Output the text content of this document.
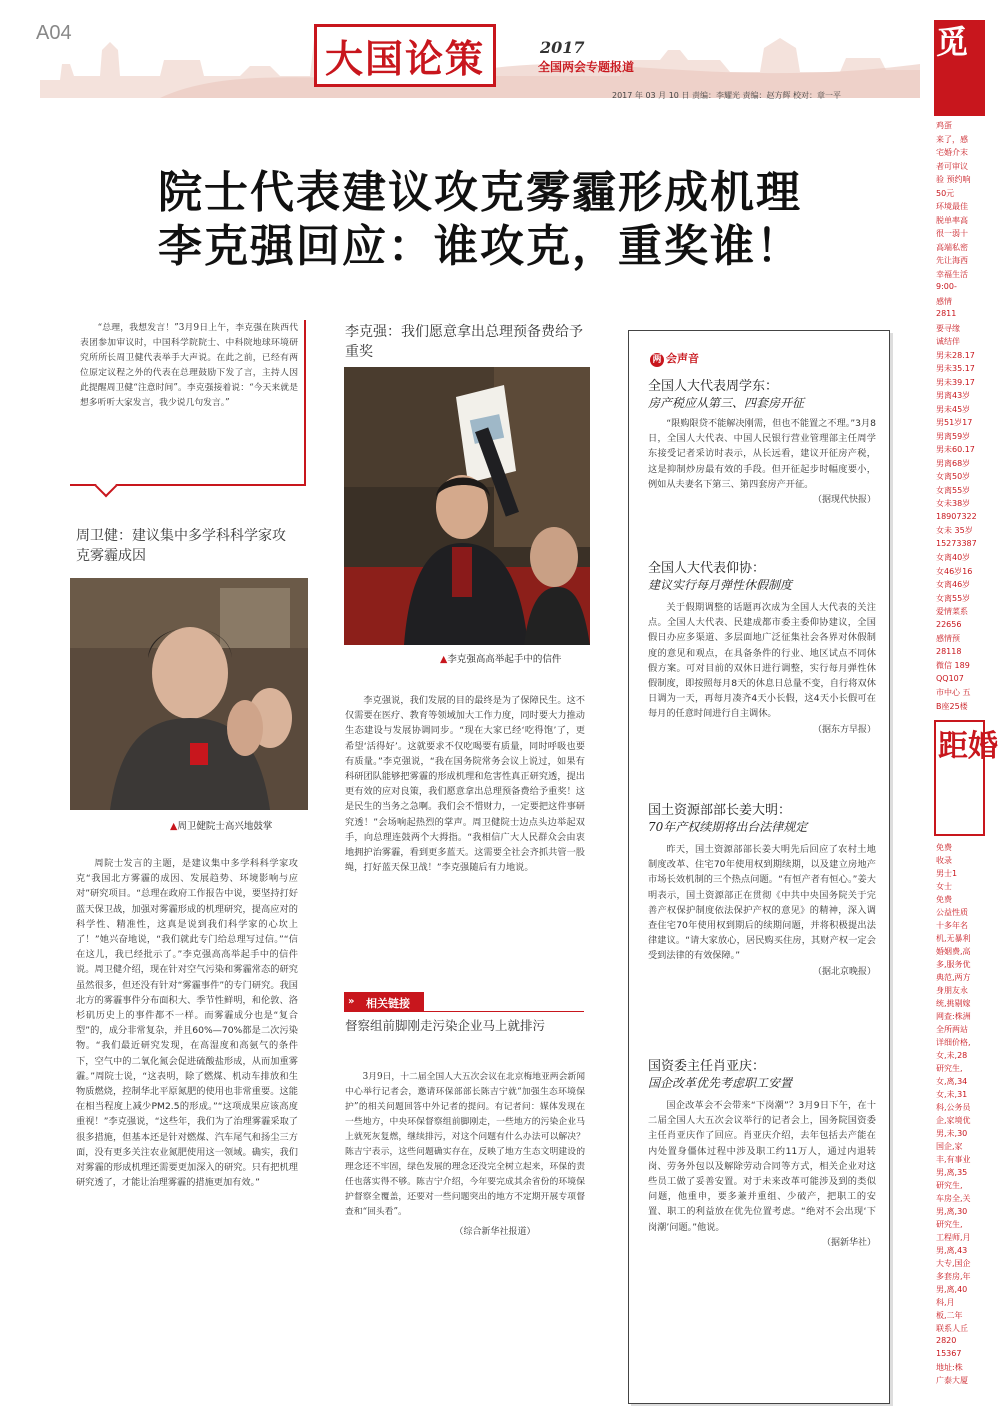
A04
大国论策	2017
全国两会专题报道
2017 年 03 月 10 日 责编：李耀光 责编：赵方辉 校对：章一平
院士代表建议攻克雾霾形成机理
李克强回应：谁攻克，重奖谁！
“总理，我想发言！”3月9日上午，李克强在陕西代表团参加审议时，中国科学院院士、中科院地球环境研究所所长周卫健代表举手大声说。在此之前，已经有两位原定议程之外的代表在总理鼓励下发了言，主持人因此提醒周卫健“注意时间”。李克强接着说：“今天来就是想多听听大家发言，我少说几句发言。”
周卫健：建议集中多学科科学家攻克雾霾成因
▲周卫健院士高兴地鼓掌
周院士发言的主题，是建议集中多学科科学家攻克“我国北方雾霾的成因、发展趋势、环境影响与应对”研究项目。“总理在政府工作报告中说，要坚持打好蓝天保卫战，加强对雾霾形成的机理研究，提高应对的科学性、精准性，这真是说到我们科学家的心坎上了！”她兴奋地说，“我们就此专门给总理写过信。”“信在这儿，我已经批示了。”李克强高高举起手中的信件说。周卫健介绍，现在针对空气污染和雾霾常态的研究虽然很多，但还没有针对“雾霾事件”的专门研究。我国北方的雾霾事件分布面积大、季节性鲜明，和伦敦、洛杉矶历史上的事件都不一样。而雾霾成分也是“复合型”的，成分非常复杂，并且60%—70%都是二次污染物。“我们最近研究发现，在高湿度和高氨气的条件下，空气中的二氧化氮会促进硫酸盐形成，从而加重雾霾。”周院士说，“这表明，除了燃煤、机动车排放和生物质燃烧，控制华北平原氮肥的使用也非常重要。这能在相当程度上减少PM2.5的形成。”“这项成果应该高度重视！”李克强说，“这些年，我们为了治理雾霾采取了很多措施，但基本还是针对燃煤、汽车尾气和扬尘三方面，没有更多关注农业氮肥使用这一领域。确实，我们对雾霾的形成机理还需要更加深入的研究。只有把机理研究透了，才能让治理雾霾的措施更加有效。”
李克强：我们愿意拿出总理预备费给予重奖
▲李克强高高举起手中的信件
李克强说，我们发展的目的最终是为了保障民生。这不仅需要在医疗、教育等领域加大工作力度，同时要大力推动生态建设与发展协调同步。“现在大家已经‘吃得饱’了，更希望‘活得好’。这就要求不仅吃喝要有质量，同时呼吸也要有质量。”李克强说，“我在国务院常务会议上说过，如果有科研团队能够把雾霾的形成机理和危害性真正研究透，提出更有效的应对良策，我们愿意拿出总理预备费给予重奖！这是民生的当务之急啊。我们会不惜财力，一定要把这件事研究透！”会场响起热烈的掌声。周卫健院士边点头边举起双手，向总理连鼓两个大拇指。“我相信广大人民群众会由衷地拥护治雾霾，看到更多蓝天。这需要全社会齐抓共管一股绳，打好蓝天保卫战！”李克强随后有力地说。
相关链接
»
督察组前脚刚走污染企业马上就排污
3月9日，十二届全国人大五次会议在北京梅地亚两会新闻中心举行记者会，邀请环保部部长陈吉宁就“加强生态环境保护”的相关问题回答中外记者的提问。有记者问：媒体发现在一些地方，中央环保督察组前脚刚走，一些地方的污染企业马上就死灰复燃，继续排污，对这个问题有什么办法可以解决？陈吉宁表示，这些问题确实存在，反映了地方生态文明建设的理念还不牢固，绿色发展的理念还没完全树立起来，环保的责任也落实得不够。陈吉宁介绍，今年要完成其余省份的环境保护督察全覆盖，还要对一些问题突出的地方不定期开展专项督查和“回头看”。
（综合新华社报道）
两 会声音
全国人大代表周学东：
房产税应从第三、四套房开征
“限购限贷不能解决刚需，但也不能置之不理。”3月8日，全国人大代表、中国人民银行营业管理部主任周学东接受记者采访时表示，从长远看，建议开征房产税，这是抑制炒房最有效的手段。但开征起步时幅度要小，例如从夫妻名下第三、第四套房产开征。
（据现代快报）
全国人大代表仰协：
建议实行每月弹性休假制度
关于假期调整的话题再次成为全国人大代表的关注点。全国人大代表、民建成都市委主委仰协建议，全国假日办应多渠道、多层面地广泛征集社会各界对休假制度的意见和观点，在具备条件的行业、地区试点不同休假方案。可对目前的双休日进行调整，实行每月弹性休假制度，即按照每月8天的休息日总量不变，自行将双休日调为一天，再每月凑齐4天小长假，这4天小长假可在每月的任意时间进行自主调休。
（据东方早报）
国土资源部部长姜大明：
70年产权续期将出台法律规定
昨天，国土资源部部长姜大明先后回应了农村土地制度改革、住宅70年使用权到期续期，以及建立房地产市场长效机制的三个热点问题。“有恒产者有恒心。”姜大明表示，国土资源部正在贯彻《中共中央国务院关于完善产权保护制度依法保护产权的意见》的精神，深入调查住宅70年使用权到期后的续期问题，并将积极提出法律建议。“请大家放心，居民购买住房，其财产权一定会受到法律的有效保障。”
（据北京晚报）
国资委主任肖亚庆：
国企改革优先考虑职工安置
国企改革会不会带来“下岗潮”？3月9日下午，在十二届全国人大五次会议举行的记者会上，国务院国资委主任肖亚庆作了回应。肖亚庆介绍，去年包括去产能在内处置身僵体过程中涉及职工约11万人，通过内退转岗、劳务外包以及解除劳动合同等方式，相关企业对这些员工做了妥善安置。对于未来改革可能涉及到的类似问题，他重申，要多兼并重组、少破产，把职工的安置、职工的利益放在优先位置考虑。“绝对不会出现‘下岗潮’问题。”他说。
（据新华社）
觅
鸡蛋
来了，感
宅婚介末
者可审议
验 预约响
50元
环境最佳
脱单率高
很一弱十
高端私密
先让海西
幸福生活
9:00-
感情
2811
要寻缘
诚结伴
男未28.17
男未35.17
男未39.17
男离43岁
男未45岁
男51岁17
男离59岁
男未60.17
男离68岁
女离50岁
女离55岁
女未38岁
18907322
女未 35岁
15273387
女离40岁
女46岁16
女离46岁
女离55岁
爱情菜系
22656
感情预
28118
微信 189
QQ107
市中心 五
B座25楼
距婚
免费
收录
男士1
女士
免费
公益性质
十多年名
机,无暴利
婚姻费,高
多,服务优
典范,两方
身朋友永
统,挑剔嫁
网查:株洲
全所两站
详细价格,
女,未,28
研究生,
女,离,34
女,未,31
科,公务员
企,家境优
男,未,30
国企,家
丰,有事业
男,离,35
研究生,
车房全,关
男,离,30
研究生,
工程师,月
男,离,43
大专,国企
多套房,年
男,离,40
科,月
板,二年
联系人丘
2820
15367
地址:株
广泰大厦
